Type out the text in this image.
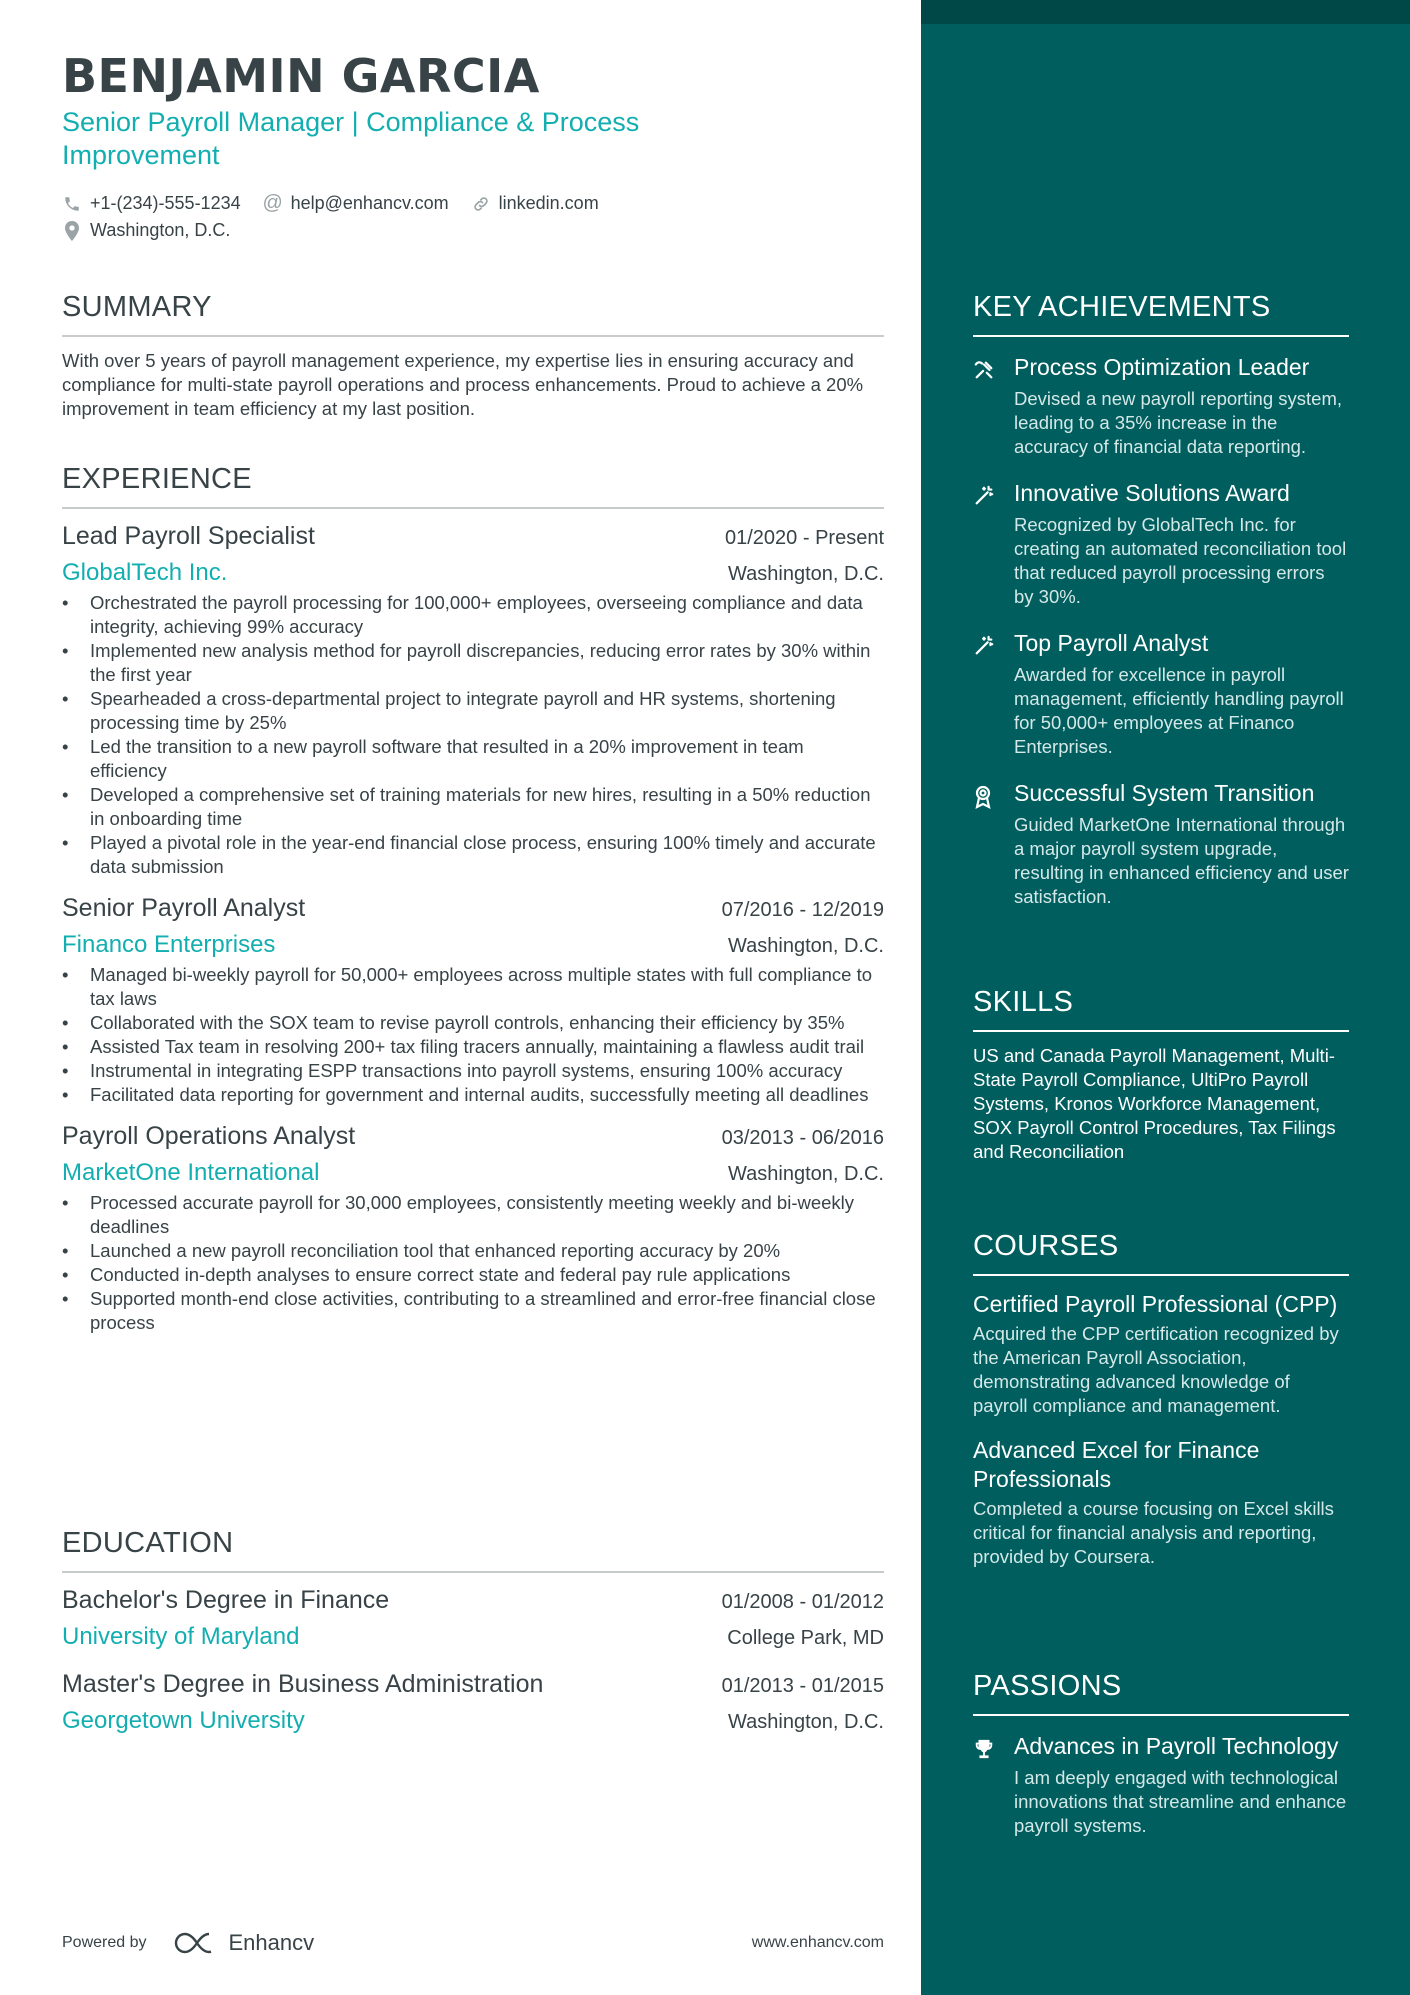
BENJAMIN GARCIA
Senior Payroll Manager | Compliance & Process Improvement
+1-(234)-555-1234 @ help@enhancv.com	linkedin.com
Washington, D.C.
SUMMARY
With over 5 years of payroll management experience, my expertise lies in ensuring accuracy and compliance for multi-state payroll operations and process enhancements. Proud to achieve a 20% improvement in team efficiency at my last position.
EXPERIENCE
Lead Payroll Specialist	01/2020 - Present
GlobalTech Inc.	Washington, D.C.
• Orchestrated the payroll processing for 100,000+ employees, overseeing compliance and data integrity, achieving 99% accuracy
• Implemented new analysis method for payroll discrepancies, reducing error rates by 30% within the first year
• Spearheaded a cross-departmental project to integrate payroll and HR systems, shortening processing time by 25%
• Led the transition to a new payroll software that resulted in a 20% improvement in team efficiency
• Developed a comprehensive set of training materials for new hires, resulting in a 50% reduction in onboarding time
• Played a pivotal role in the year-end financial close process, ensuring 100% timely and accurate data submission
Senior Payroll Analyst	07/2016 - 12/2019
Financo Enterprises	Washington, D.C.
• Managed bi-weekly payroll for 50,000+ employees across multiple states with full compliance to tax laws
• Collaborated with the SOX team to revise payroll controls, enhancing their efficiency by 35%
• Assisted Tax team in resolving 200+ tax filing tracers annually, maintaining a flawless audit trail
• Instrumental in integrating ESPP transactions into payroll systems, ensuring 100% accuracy
• Facilitated data reporting for government and internal audits, successfully meeting all deadlines
Payroll Operations Analyst	03/2013 - 06/2016
MarketOne International	Washington, D.C.
• Processed accurate payroll for 30,000 employees, consistently meeting weekly and bi-weekly deadlines
• Launched a new payroll reconciliation tool that enhanced reporting accuracy by 20%
• Conducted in-depth analyses to ensure correct state and federal pay rule applications
• Supported month-end close activities, contributing to a streamlined and error-free financial close process
EDUCATION
Bachelor's Degree in Finance	01/2008 - 01/2012
University of Maryland	College Park, MD
Master's Degree in Business Administration	01/2013 - 01/2015
Georgetown University	Washington, D.C.
KEY ACHIEVEMENTS
Process Optimization Leader
Devised a new payroll reporting system, leading to a 35% increase in the accuracy of financial data reporting.
Innovative Solutions Award
Recognized by GlobalTech Inc. for creating an automated reconciliation tool that reduced payroll processing errors by 30%.
Top Payroll Analyst
Awarded for excellence in payroll management, efficiently handling payroll for 50,000+ employees at Financo Enterprises.
Successful System Transition
Guided MarketOne International through a major payroll system upgrade, resulting in enhanced efficiency and user satisfaction.
SKILLS
US and Canada Payroll Management, Multi-State Payroll Compliance, UltiPro Payroll Systems, Kronos Workforce Management, SOX Payroll Control Procedures, Tax Filings and Reconciliation
COURSES
Certified Payroll Professional (CPP)
Acquired the CPP certification recognized by the American Payroll Association, demonstrating advanced knowledge of payroll compliance and management.
Advanced Excel for Finance Professionals
Completed a course focusing on Excel skills critical for financial analysis and reporting, provided by Coursera.
PASSIONS
Advances in Payroll Technology
I am deeply engaged with technological innovations that streamline and enhance payroll systems.
Powered by	Enhancv	www.enhancv.com
